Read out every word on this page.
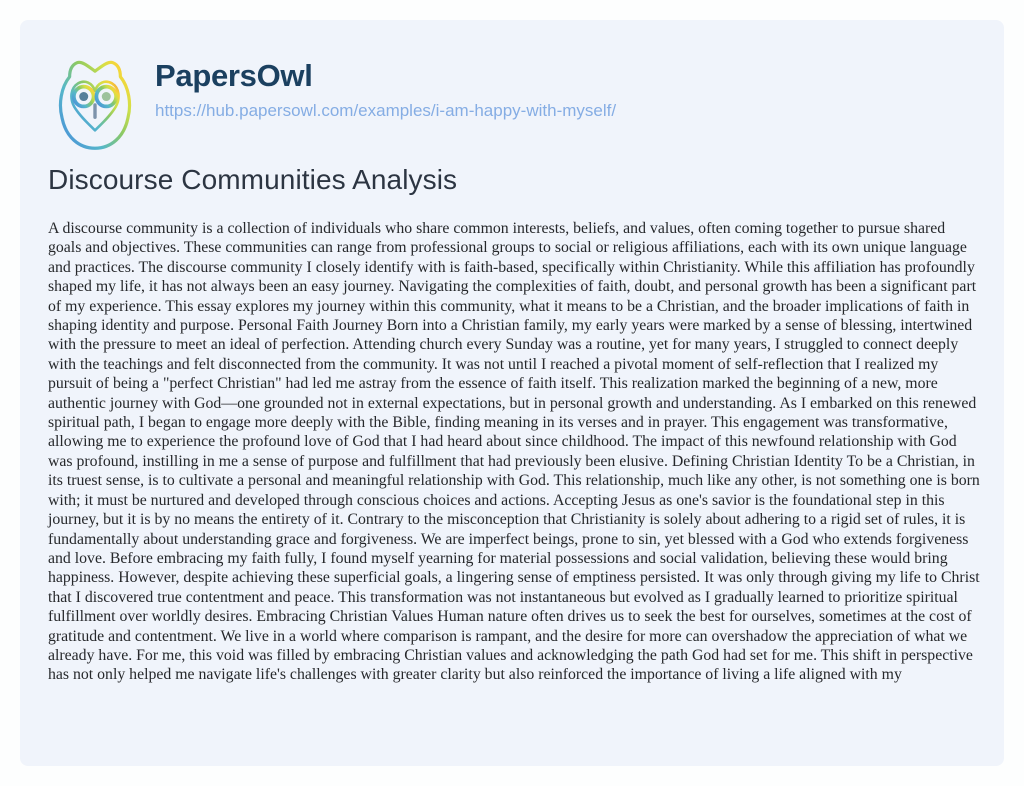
PapersOwl
https://hub.papersowl.com/examples/i-am-happy-with-myself/
Discourse Communities Analysis

A discourse community is a collection of individuals who share common interests, beliefs, and values, often coming together to pursue shared goals and objectives. These communities can range from professional groups to social or religious affiliations, each with its own unique language and practices. The discourse community I closely identify with is faith-based, specifically within Christianity. While this affiliation has profoundly shaped my life, it has not always been an easy journey. Navigating the complexities of faith, doubt, and personal growth has been a significant part of my experience. This essay explores my journey within this community, what it means to be a Christian, and the broader implications of faith in shaping identity and purpose. Personal Faith Journey Born into a Christian family, my early years were marked by a sense of blessing, intertwined with the pressure to meet an ideal of perfection. Attending church every Sunday was a routine, yet for many years, I struggled to connect deeply with the teachings and felt disconnected from the community. It was not until I reached a pivotal moment of self-reflection that I realized my pursuit of being a "perfect Christian" had led me astray from the essence of faith itself. This realization marked the beginning of a new, more authentic journey with God—one grounded not in external expectations, but in personal growth and understanding. As I embarked on this renewed spiritual path, I began to engage more deeply with the Bible, finding meaning in its verses and in prayer. This engagement was transformative, allowing me to experience the profound love of God that I had heard about since childhood. The impact of this newfound relationship with God was profound, instilling in me a sense of purpose and fulfillment that had previously been elusive. Defining Christian Identity To be a Christian, in its truest sense, is to cultivate a personal and meaningful relationship with God. This relationship, much like any other, is not something one is born with; it must be nurtured and developed through conscious choices and actions. Accepting Jesus as one's savior is the foundational step in this journey, but it is by no means the entirety of it. Contrary to the misconception that Christianity is solely about adhering to a rigid set of rules, it is fundamentally about understanding grace and forgiveness. We are imperfect beings, prone to sin, yet blessed with a God who extends forgiveness and love. Before embracing my faith fully, I found myself yearning for material possessions and social validation, believing these would bring happiness. However, despite achieving these superficial goals, a lingering sense of emptiness persisted. It was only through giving my life to Christ that I discovered true contentment and peace. This transformation was not instantaneous but evolved as I gradually learned to prioritize spiritual fulfillment over worldly desires. Embracing Christian Values Human nature often drives us to seek the best for ourselves, sometimes at the cost of gratitude and contentment. We live in a world where comparison is rampant, and the desire for more can overshadow the appreciation of what we already have. For me, this void was filled by embracing Christian values and acknowledging the path God had set for me. This shift in perspective has not only helped me navigate life's challenges with greater clarity but also reinforced the importance of living a life aligned with my
